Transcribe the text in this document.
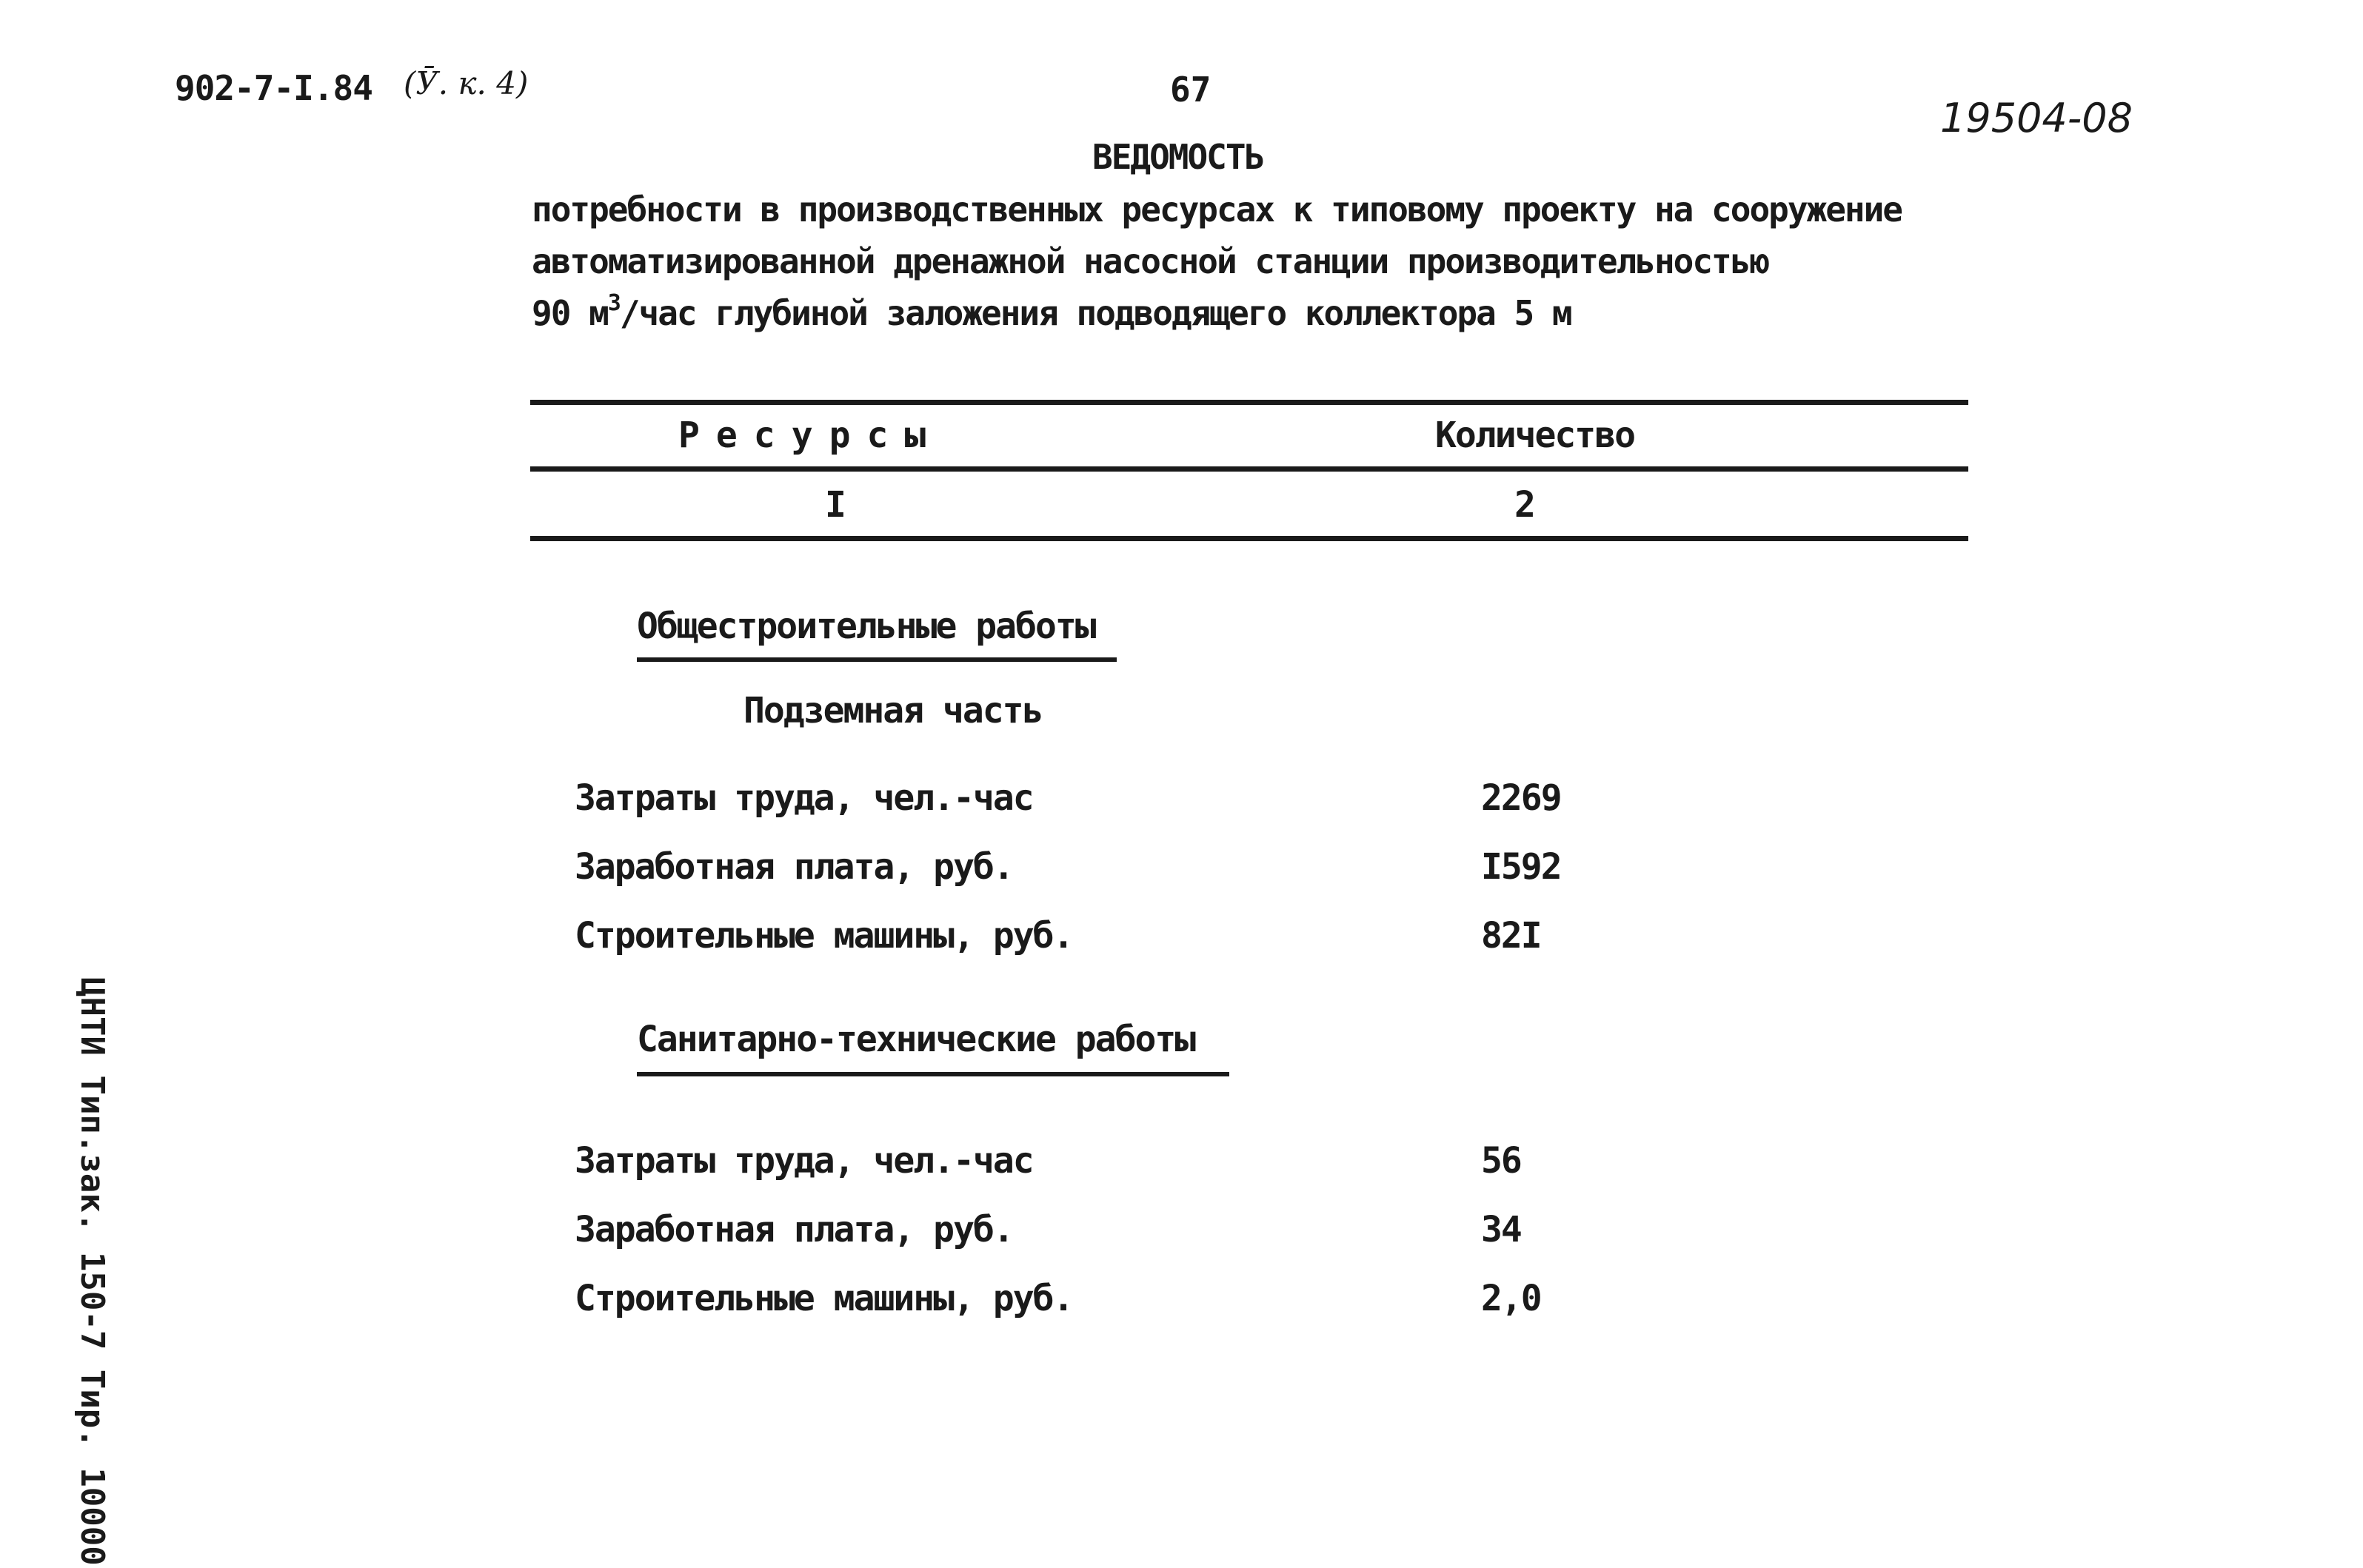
902-7-I.84 (Ӯ. к. 4)	67
19504-08
ВЕДОМОСТЬ
потребности в производственных ресурсах к типовому проекту на сооружение
автоматизированной дренажной насосной станции производительностью
90 $м^3$/час глубиной заложения подводящего коллектора 5 м
Ресурсы	Количество
I	2
Общестроительные работы
Подземная часть
Затраты труда, чел.-час	2269
Заработная плата, руб.	I592
Строительные машины, руб.	82I
Санитарно-технические работы
Затраты труда, чел.-час	56
Заработная плата, руб.	34
Строительные машины, руб.	2,0
ЦНТИ Тип.зак. 150-7 Тир. 10000
